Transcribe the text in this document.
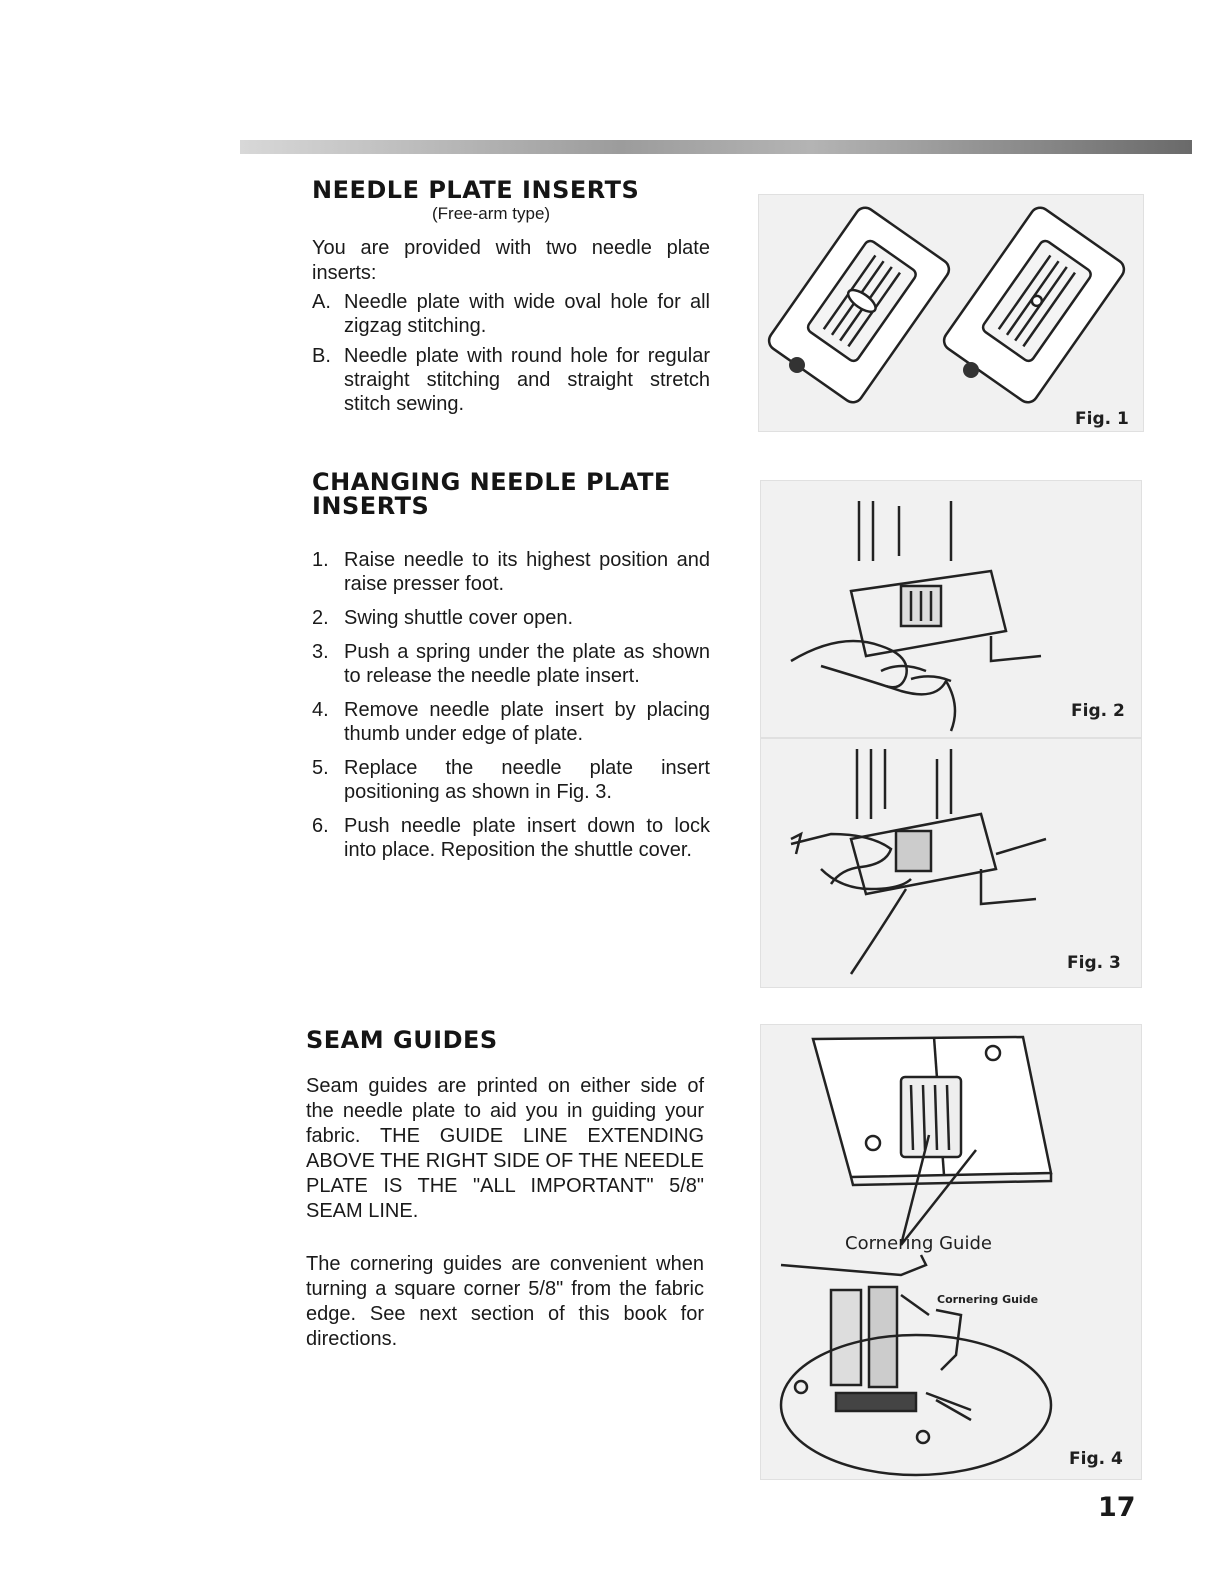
NEEDLE PLATE INSERTS
(Free-arm type)

You are provided with two needle plate inserts:

A. Needle plate with wide oval hole for all zigzag stitching.
B. Needle plate with round hole for regular straight stitching and straight stretch stitch sewing.
CHANGING NEEDLE PLATE INSERTS
1. Raise needle to its highest position and raise presser foot.
2. Swing shuttle cover open.
3. Push a spring under the plate as shown to release the needle plate insert.
4. Remove needle plate insert by placing thumb under edge of plate.
5. Replace the needle plate insert positioning as shown in Fig. 3.
6. Push needle plate insert down to lock into place. Reposition the shuttle cover.
SEAM GUIDES

Seam guides are printed on either side of the needle plate to aid you in guiding your fabric. THE GUIDE LINE EXTENDING ABOVE THE RIGHT SIDE OF THE NEEDLE PLATE IS THE "ALL IMPORTANT" 5/8" SEAM LINE.

The cornering guides are convenient when turning a square corner 5/8" from the fabric edge. See next section of this book for directions.

Fig. 1
Fig. 2
Fig. 3
Cornering Guide
Cornering Guide
Fig. 4
17
